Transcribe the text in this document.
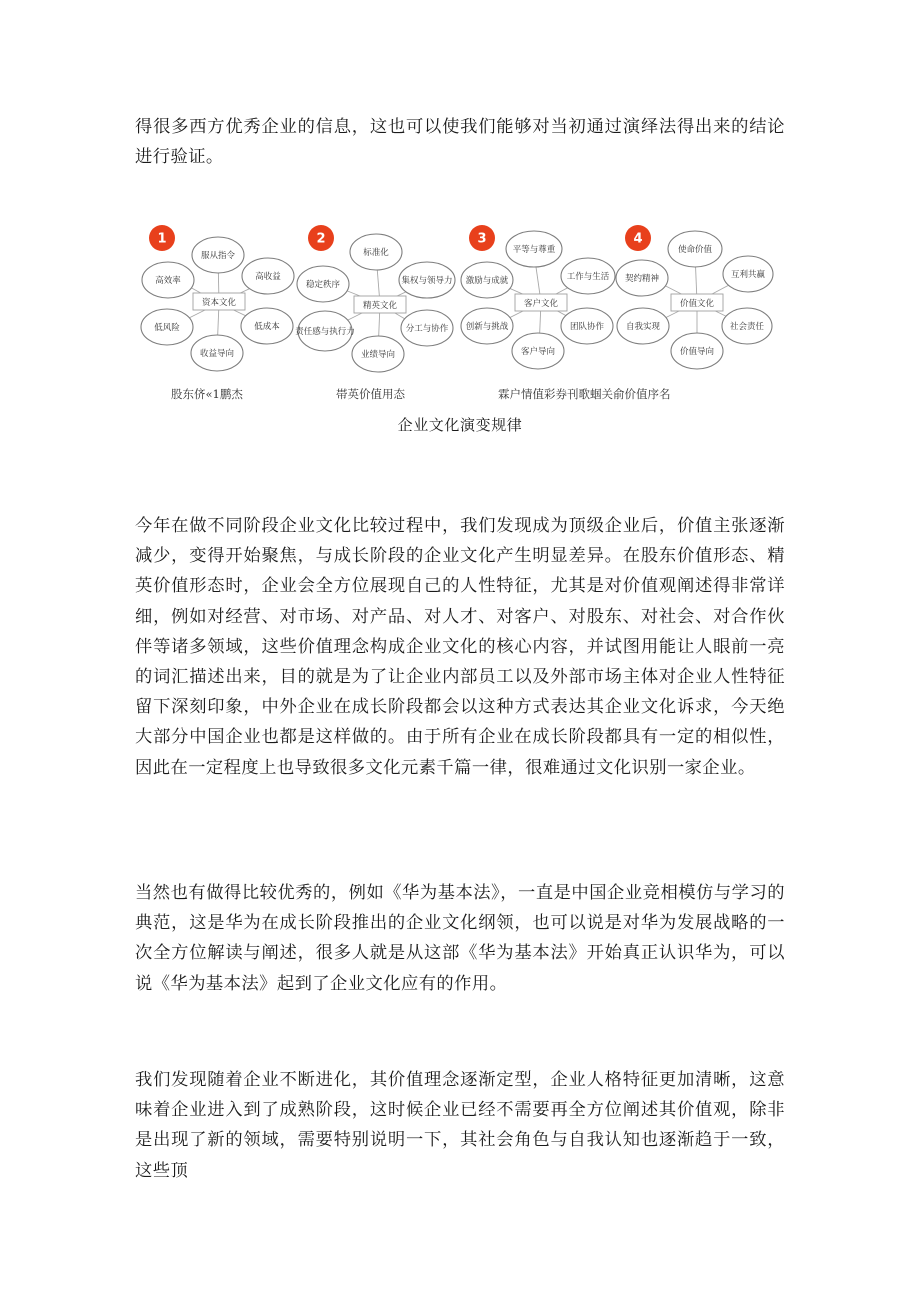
得很多西方优秀企业的信息，这也可以使我们能够对当初通过演绎法得出来的结论进行验证。

1
服从指令
高效率	高收益
低风险	低成本
收益导向
资本文化
2
标准化
稳定秩序	集权与领导力
责任感与执行力	分工与协作
业绩导向
精英文化
3
平等与尊重
激励与成就	工作与生活
创新与挑战	团队协作
客户导向
客户文化
4
使命价值
契约精神	互利共赢
自我实现	社会责任
价值导向
价值文化
股东侪«1鹏杰	帯英价值用态	霖户情值彩券刊歌蝈关俞价值序名
企业文化演变规律

今年在做不同阶段企业文化比较过程中，我们发现成为顶级企业后，价值主张逐渐减少，变得开始聚焦，与成长阶段的企业文化产生明显差异。在股东价值形态、精英价值形态时，企业会全方位展现自己的人性特征，尤其是对价值观阐述得非常详细，例如对经营、对市场、对产品、对人才、对客户、对股东、对社会、对合作伙伴等诸多领域，这些价值理念构成企业文化的核心内容，并试图用能让人眼前一亮的词汇描述出来，目的就是为了让企业内部员工以及外部市场主体对企业人性特征留下深刻印象，中外企业在成长阶段都会以这种方式表达其企业文化诉求，今天绝大部分中国企业也都是这样做的。由于所有企业在成长阶段都具有一定的相似性，因此在一定程度上也导致很多文化元素千篇一律，很难通过文化识别一家企业。

当然也有做得比较优秀的，例如《华为基本法》，一直是中国企业竞相模仿与学习的典范，这是华为在成长阶段推出的企业文化纲领，也可以说是对华为发展战略的一次全方位解读与阐述，很多人就是从这部《华为基本法》开始真正认识华为，可以说《华为基本法》起到了企业文化应有的作用。

我们发现随着企业不断进化，其价值理念逐渐定型，企业人格特征更加清晰，这意味着企业进入到了成熟阶段，这时候企业已经不需要再全方位阐述其价值观，除非是出现了新的领域，需要特别说明一下，其社会角色与自我认知也逐渐趋于一致，这些顶
